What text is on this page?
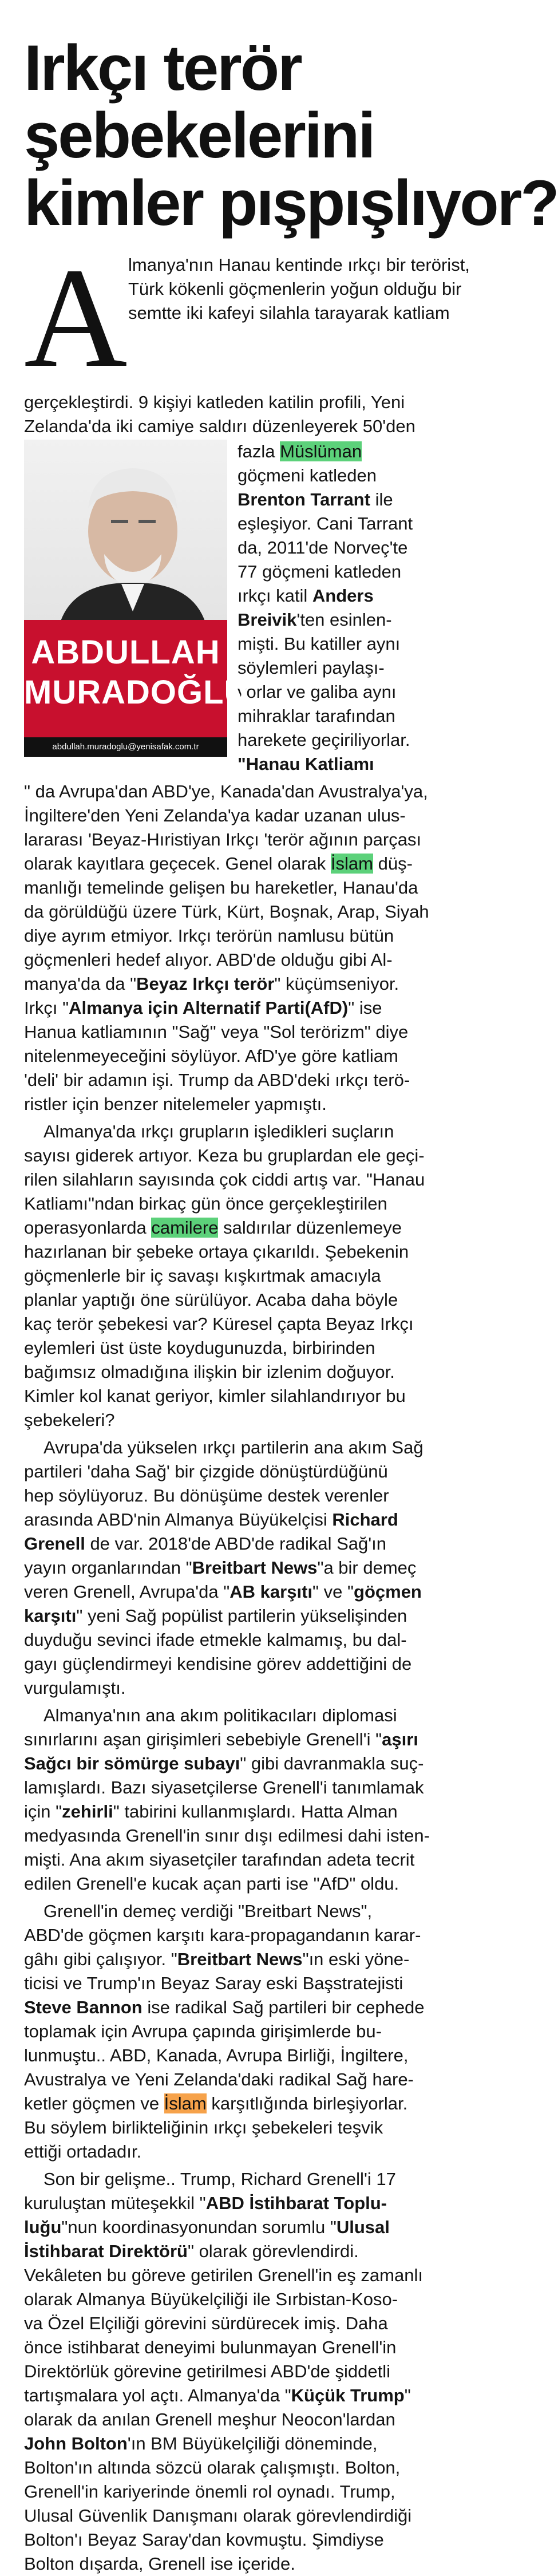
Irkçı terör
şebekelerini
kimler pışpışlıyor?
A lmanya'nın Hanau kentinde ırkçı bir terörist,
Türk kökenli göçmenlerin yoğun olduğu bir
semtte iki kafeyi silahla tarayarak katliam
gerçekleştirdi. 9 kişiyi katleden katilin profili, Yeni
Zelanda'da iki camiye saldırı düzenleyerek 50'den
ABDULLAH
MURADOĞLU
abdullah.muradoglu@yenisafak.com.tr
fazla Müslüman
göçmeni katleden
Brenton Tarrant ile
eşleşiyor. Cani Tarrant
da, 2011'de Norveç'te
77 göçmeni katleden
ırkçı katil Anders
Breivik'ten esinlen-
mişti. Bu katiller aynı
söylemleri paylaşı-
yorlar ve galiba aynı
mihraklar tarafından
harekete geçiriliyorlar.
"Hanau Katliamı
" da Avrupa'dan ABD'ye, Kanada'dan Avustralya'ya,
İngiltere'den Yeni Zelanda'ya kadar uzanan ulus-
lararası 'Beyaz-Hıristiyan Irkçı 'terör ağının parçası
olarak kayıtlara geçecek. Genel olarak İslam düş-
manlığı temelinde gelişen bu hareketler, Hanau'da
da görüldüğü üzere Türk, Kürt, Boşnak, Arap, Siyah
diye ayrım etmiyor. Irkçı terörün namlusu bütün
göçmenleri hedef alıyor. ABD'de olduğu gibi Al-
manya'da da "Beyaz Irkçı terör" küçümseniyor.
Irkçı "Almanya için Alternatif Parti(AfD)" ise
Hanua katliamının "Sağ" veya "Sol terörizm" diye
nitelenmeyeceğini söylüyor. AfD'ye göre katliam
'deli' bir adamın işi. Trump da ABD'deki ırkçı terö-
ristler için benzer nitelemeler yapmıştı.
Almanya'da ırkçı grupların işledikleri suçların
sayısı giderek artıyor. Keza bu gruplardan ele geçi-
rilen silahların sayısında çok ciddi artış var. "Hanau
Katliamı"ndan birkaç gün önce gerçekleştirilen
operasyonlarda camilere saldırılar düzenlemeye
hazırlanan bir şebeke ortaya çıkarıldı. Şebekenin
göçmenlerle bir iç savaşı kışkırtmak amacıyla
planlar yaptığı öne sürülüyor. Acaba daha böyle
kaç terör şebekesi var? Küresel çapta Beyaz Irkçı
eylemleri üst üste koydugunuzda, birbirinden
bağımsız olmadığına ilişkin bir izlenim doğuyor.
Kimler kol kanat geriyor, kimler silahlandırıyor bu
şebekeleri?
Avrupa'da yükselen ırkçı partilerin ana akım Sağ
partileri 'daha Sağ' bir çizgide dönüştürdüğünü
hep söylüyoruz. Bu dönüşüme destek verenler
arasında ABD'nin Almanya Büyükelçisi Richard
Grenell de var. 2018'de ABD'de radikal Sağ'ın
yayın organlarından "Breitbart News"a bir demeç
veren Grenell, Avrupa'da "AB karşıtı" ve "göçmen
karşıtı" yeni Sağ popülist partilerin yükselişinden
duyduğu sevinci ifade etmekle kalmamış, bu dal-
gayı güçlendirmeyi kendisine görev addettiğini de
vurgulamıştı.
Almanya'nın ana akım politikacıları diplomasi
sınırlarını aşan girişimleri sebebiyle Grenell'i "aşırı
Sağcı bir sömürge subayı" gibi davranmakla suç-
lamışlardı. Bazı siyasetçilerse Grenell'i tanımlamak
için "zehirli" tabirini kullanmışlardı. Hatta Alman
medyasında Grenell'in sınır dışı edilmesi dahi isten-
mişti. Ana akım siyasetçiler tarafından adeta tecrit
edilen Grenell'e kucak açan parti ise "AfD" oldu.
Grenell'in demeç verdiği "Breitbart News",
ABD'de göçmen karşıtı kara-propagandanın karar-
gâhı gibi çalışıyor. "Breitbart News"ın eski yöne-
ticisi ve Trump'ın Beyaz Saray eski Başstratejisti
Steve Bannon ise radikal Sağ partileri bir cephede
toplamak için Avrupa çapında girişimlerde bu-
lunmuştu.. ABD, Kanada, Avrupa Birliği, İngiltere,
Avustralya ve Yeni Zelanda'daki radikal Sağ hare-
ketler göçmen ve İslam karşıtlığında birleşiyorlar.
Bu söylem birlikteliğinin ırkçı şebekeleri teşvik
ettiği ortadadır.
Son bir gelişme.. Trump, Richard Grenell'i 17
kuruluştan müteşekkil "ABD İstihbarat Toplu-
luğu"nun koordinasyonundan sorumlu "Ulusal
İstihbarat Direktörü" olarak görevlendirdi.
Vekâleten bu göreve getirilen Grenell'in eş zamanlı
olarak Almanya Büyükelçiliği ile Sırbistan-Koso-
va Özel Elçiliği görevini sürdürecek imiş. Daha
önce istihbarat deneyimi bulunmayan Grenell'in
Direktörlük görevine getirilmesi ABD'de şiddetli
tartışmalara yol açtı. Almanya'da "Küçük Trump"
olarak da anılan Grenell meşhur Neocon'lardan
John Bolton'ın BM Büyükelçiliği döneminde,
Bolton'ın altında sözcü olarak çalışmıştı. Bolton,
Grenell'in kariyerinde önemli rol oynadı. Trump,
Ulusal Güvenlik Danışmanı olarak görevlendirdiği
Bolton'ı Beyaz Saray'dan kovmuştu. Şimdiyse
Bolton dışarda, Grenell ise içeride.
